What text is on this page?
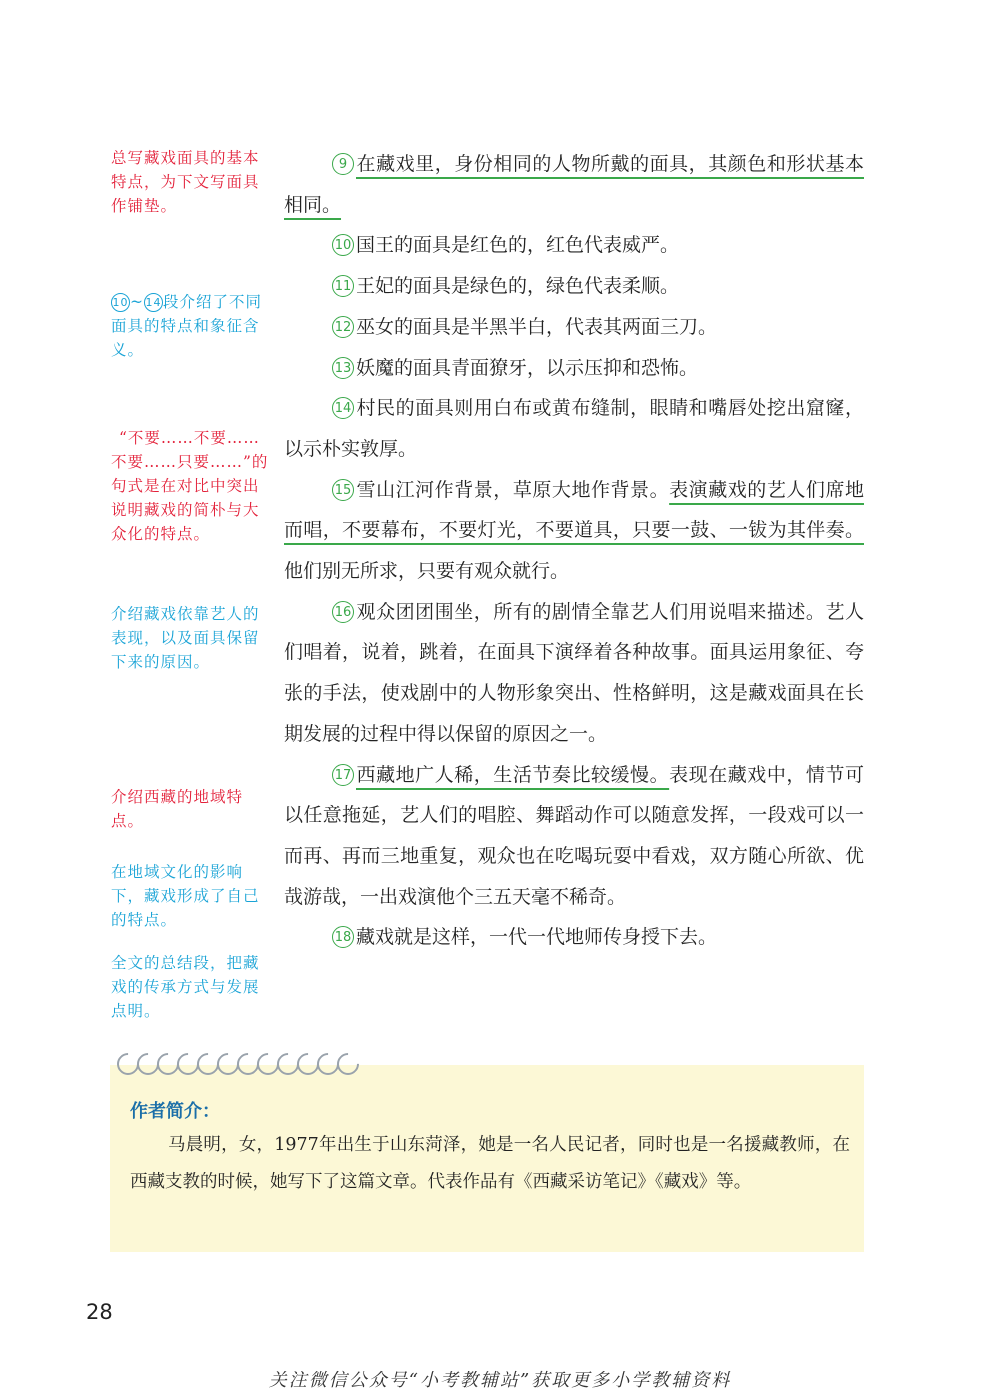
总写藏戏面具的基本特点，为下文写面具作铺垫。
10~ 14段介绍了不同面具的特点和象征含义。
“不要……不要……不要……只要……”的句式是在对比中突出说明藏戏的简朴与大众化的特点。
介绍藏戏依靠艺人的表现，以及面具保留下来的原因。
介绍西藏的地域特点。
在地域文化的影响下，藏戏形成了自己的特点。
全文的总结段，把藏戏的传承方式与发展点明。

9 在藏戏里，身份相同的人物所戴的面具，其颜色和形状基本相同。

10 国王的面具是红色的，红色代表威严。

11 王妃的面具是绿色的，绿色代表柔顺。

12 巫女的面具是半黑半白，代表其两面三刀。

13 妖魔的面具青面獠牙，以示压抑和恐怖。

14 村民的面具则用白布或黄布缝制，眼睛和嘴唇处挖出窟窿，以示朴实敦厚。

15 雪山江河作背景，草原大地作背景。表演藏戏的艺人们席地而唱，不要幕布，不要灯光，不要道具，只要一鼓、一钹为其伴奏。他们别无所求，只要有观众就行。

16 观众团团围坐，所有的剧情全靠艺人们用说唱来描述。艺人们唱着，说着，跳着，在面具下演绎着各种故事。面具运用象征、夸张的手法，使戏剧中的人物形象突出、性格鲜明，这是藏戏面具在长期发展的过程中得以保留的原因之一。

17 西藏地广人稀，生活节奏比较缓慢。表现在藏戏中，情节可以任意拖延，艺人们的唱腔、舞蹈动作可以随意发挥，一段戏可以一而再、再而三地重复，观众也在吃喝玩耍中看戏，双方随心所欲、优哉游哉，一出戏演他个三五天毫不稀奇。

18 藏戏就是这样，一代一代地师传身授下去。

作者简介：
马晨明，女，1977年出生于山东菏泽，她是一名人民记者，同时也是一名援藏教师，在西藏支教的时候，她写下了这篇文章。代表作品有《西藏采访笔记》《藏戏》等。
28
关注微信公众号“小考教辅站”获取更多小学教辅资料
